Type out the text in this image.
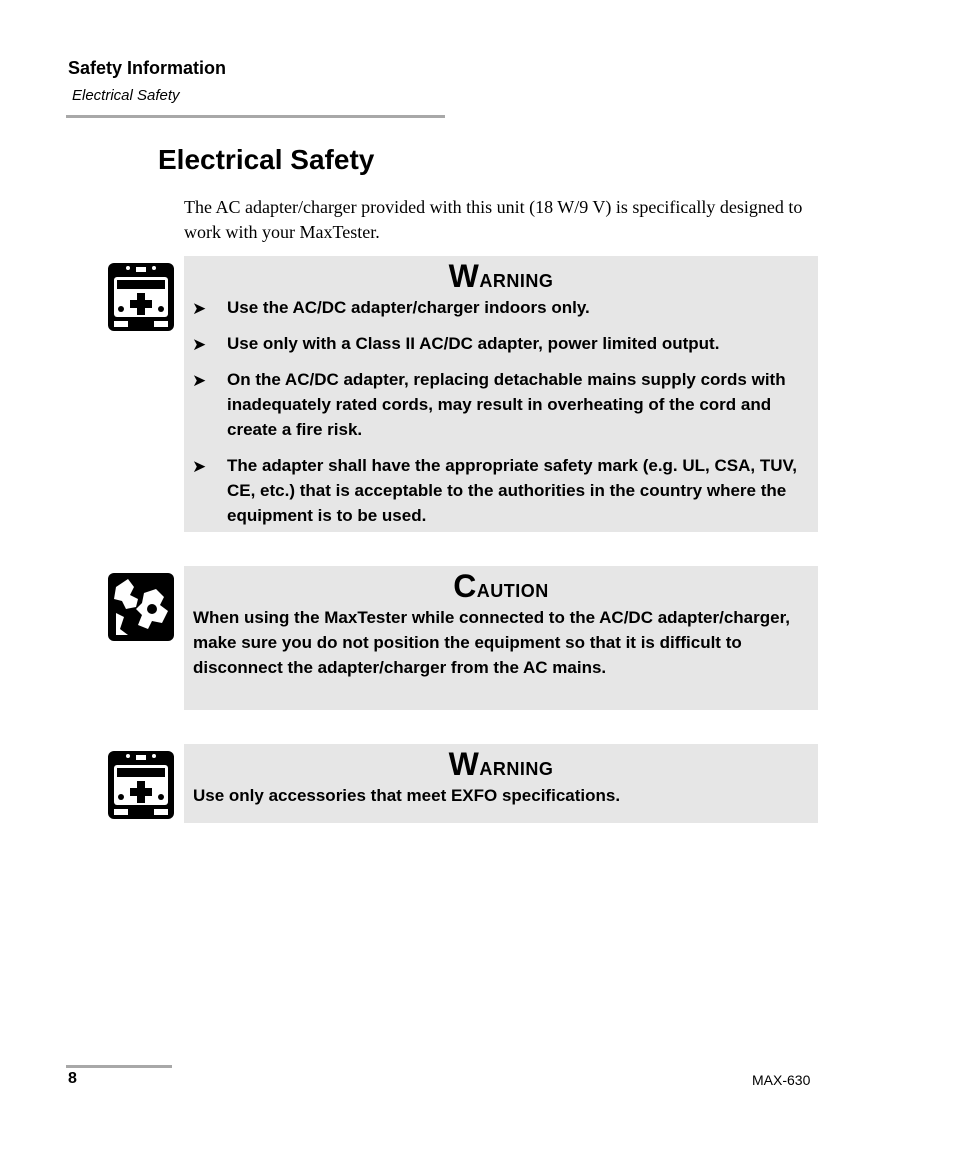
Safety Information
Electrical Safety
Electrical Safety
The AC adapter/charger provided with this unit (18 W/9 V) is specifically designed to work with your MaxTester.
Warning
➤ Use the AC/DC adapter/charger indoors only.
➤ Use only with a Class II AC/DC adapter, power limited output.
➤ On the AC/DC adapter, replacing detachable mains supply cords with inadequately rated cords, may result in overheating of the cord and create a fire risk.
➤ The adapter shall have the appropriate safety mark (e.g. UL, CSA, TUV, CE, etc.) that is acceptable to the authorities in the country where the equipment is to be used.
Caution
When using the MaxTester while connected to the AC/DC adapter/charger, make sure you do not position the equipment so that it is difficult to disconnect the adapter/charger from the AC mains.
Warning
Use only accessories that meet EXFO specifications.
8	MAX-630
